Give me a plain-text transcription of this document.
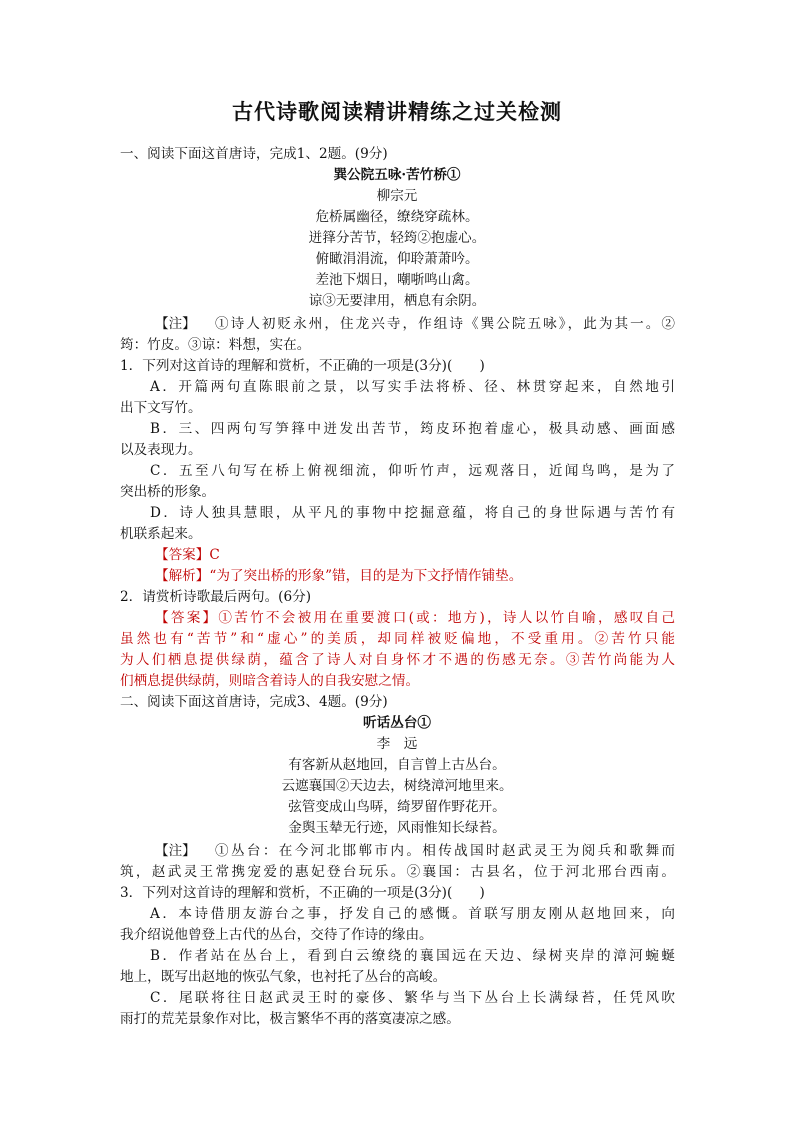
古代诗歌阅读精讲精练之过关检测
一、阅读下面这首唐诗，完成1、2题。(9分)
巽公院五咏·苦竹桥①
柳宗元
危桥属幽径，缭绕穿疏林。
迸箨分苦节，轻筠②抱虚心。
俯瞰涓涓流，仰聆萧萧吟。
差池下烟日，嘲哳鸣山禽。
谅③无要津用，栖息有余阴。
【注】 ①诗人初贬永州，住龙兴寺，作组诗《巽公院五咏》，此为其一。②
筠：竹皮。③谅：料想，实在。
1．下列对这首诗的理解和赏析，不正确的一项是(3分)(　　)
A．开篇两句直陈眼前之景，以写实手法将桥、径、林贯穿起来，自然地引
出下文写竹。
B．三、四两句写笋箨中迸发出苦节，筠皮环抱着虚心，极具动感、画面感
以及表现力。
C．五至八句写在桥上俯视细流，仰听竹声，远观落日，近闻鸟鸣，是为了
突出桥的形象。
D．诗人独具慧眼，从平凡的事物中挖掘意蕴，将自己的身世际遇与苦竹有
机联系起来。
【答案】C
【解析】“为了突出桥的形象”错，目的是为下文抒情作铺垫。
2．请赏析诗歌最后两句。(6分)
【答案】①苦竹不会被用在重要渡口(或：地方)，诗人以竹自喻，感叹自己
虽然也有“苦节”和“虚心”的美质，却同样被贬偏地，不受重用。②苦竹只能
为人们栖息提供绿荫，蕴含了诗人对自身怀才不遇的伤感无奈。③苦竹尚能为人
们栖息提供绿荫，则暗含着诗人的自我安慰之情。
二、阅读下面这首唐诗，完成3、4题。(9分)
听话丛台①
李　远
有客新从赵地回，自言曾上古丛台。
云遮襄国②天边去，树绕漳河地里来。
弦管变成山鸟哢，绮罗留作野花开。
金舆玉辇无行迹，风雨惟知长绿苔。
【注】 ①丛台：在今河北邯郸市内。相传战国时赵武灵王为阅兵和歌舞而
筑，赵武灵王常携宠爱的惠妃登台玩乐。②襄国：古县名，位于河北邢台西南。
3．下列对这首诗的理解和赏析，不正确的一项是(3分)(　　)
A．本诗借朋友游台之事，抒发自己的感慨。首联写朋友刚从赵地回来，向
我介绍说他曾登上古代的丛台，交待了作诗的缘由。
B．作者站在丛台上，看到白云缭绕的襄国远在天边、绿树夹岸的漳河蜿蜒
地上，既写出赵地的恢弘气象，也衬托了丛台的高峻。
C．尾联将往日赵武灵王时的豪侈、繁华与当下丛台上长满绿苔，任凭风吹
雨打的荒芜景象作对比，极言繁华不再的落寞凄凉之感。
